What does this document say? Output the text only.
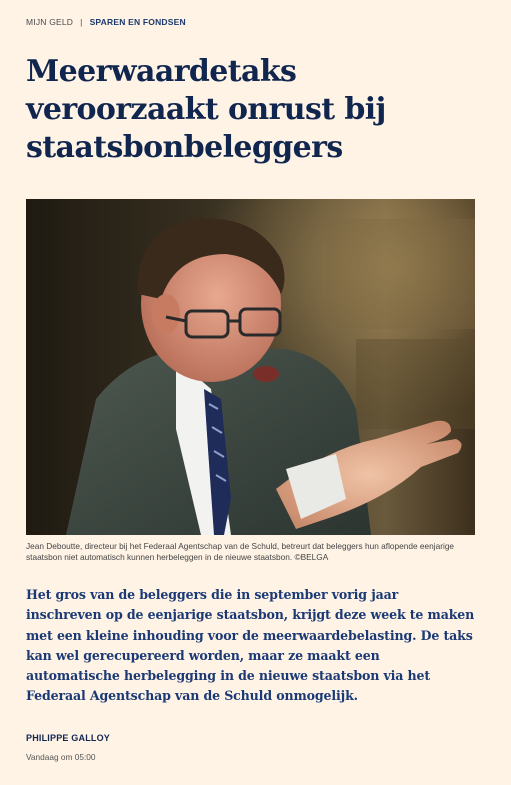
MIJN GELD | SPAREN EN FONDSEN
Meerwaardetaks veroorzaakt onrust bij staatsbonbeleggers

Jean Deboutte, directeur bij het Federaal Agentschap van de Schuld, betreurt dat beleggers hun aflopende eenjarige staatsbon niet automatisch kunnen herbeleggen in de nieuwe staatsbon. ©BELGA

Het gros van de beleggers die in september vorig jaar inschreven op de eenjarige staatsbon, krijgt deze week te maken met een kleine inhouding voor de meerwaardebelasting. De taks kan wel gerecupereerd worden, maar ze maakt een automatische herbelegging in de nieuwe staatsbon via het Federaal Agentschap van de Schuld onmogelijk.

PHILIPPE GALLOY
Vandaag om 05:00
